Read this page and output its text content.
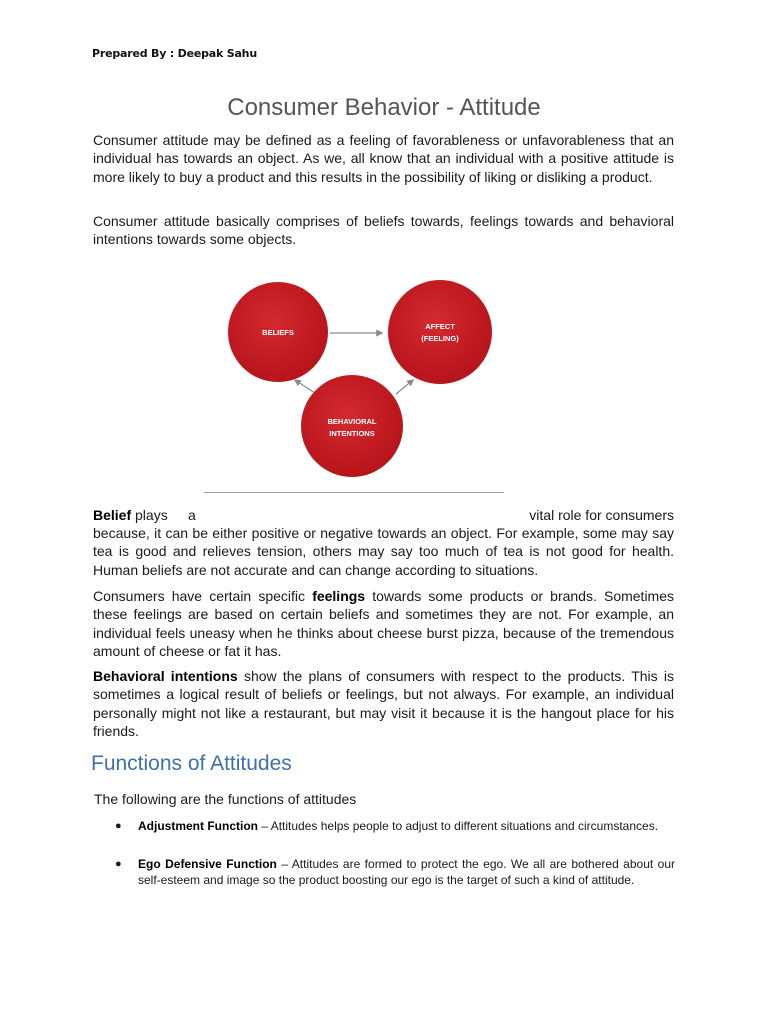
Prepared By : Deepak Sahu
Consumer Behavior - Attitude
Consumer attitude may be defined as a feeling of favorableness or unfavorableness that an individual has towards an object. As we, all know that an individual with a positive attitude is more likely to buy a product and this results in the possibility of liking or disliking a product.
Consumer attitude basically comprises of beliefs towards, feelings towards and behavioral intentions towards some objects.
BELIEFS
AFFECT
(FEELING)
BEHAVIORAL
INTENTIONS
Belief plays a	vital role for consumers
because, it can be either positive or negative towards an object. For example, some may say tea is good and relieves tension, others may say too much of tea is not good for health. Human beliefs are not accurate and can change according to situations.
Consumers have certain specific feelings towards some products or brands. Sometimes these feelings are based on certain beliefs and sometimes they are not. For example, an individual feels uneasy when he thinks about cheese burst pizza, because of the tremendous amount of cheese or fat it has.
Behavioral intentions show the plans of consumers with respect to the products. This is sometimes a logical result of beliefs or feelings, but not always. For example, an individual personally might not like a restaurant, but may visit it because it is the hangout place for his friends.
Functions of Attitudes
The following are the functions of attitudes
● Adjustment Function – Attitudes helps people to adjust to different situations and circumstances.
● Ego Defensive Function – Attitudes are formed to protect the ego. We all are bothered about our self-esteem and image so the product boosting our ego is the target of such a kind of attitude.
